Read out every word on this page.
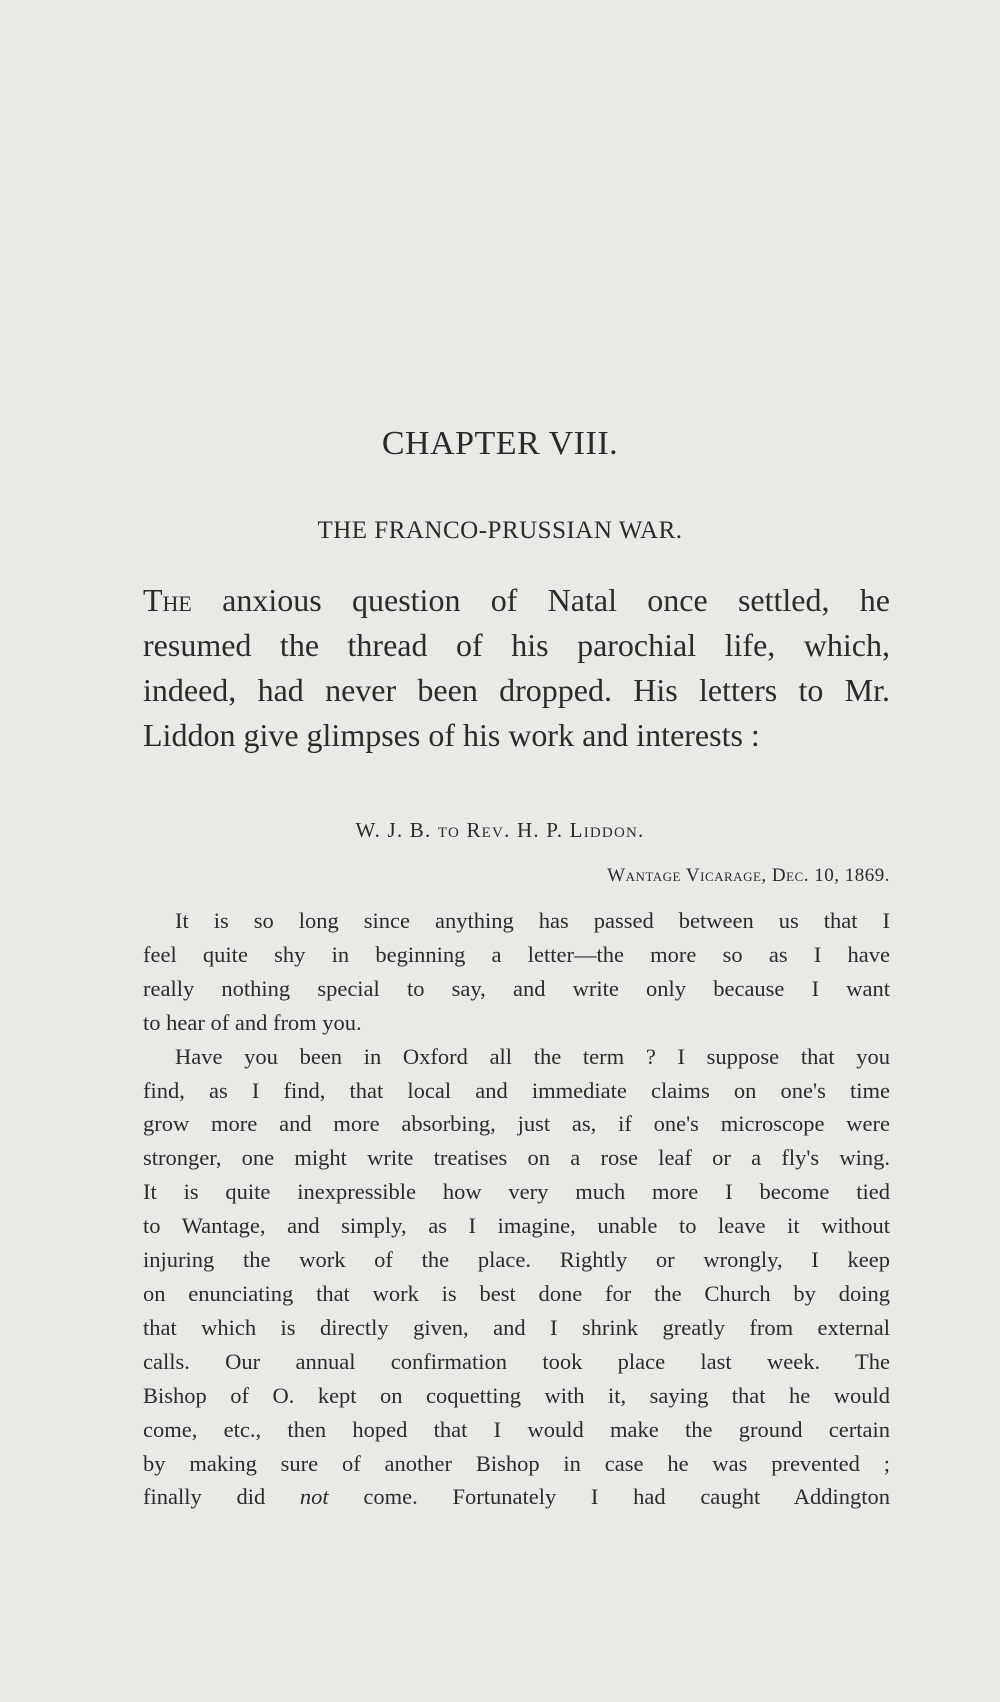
CHAPTER VIII.
THE FRANCO-PRUSSIAN WAR.
The anxious question of Natal once settled, he
resumed the thread of his parochial life, which,
indeed, had never been dropped. His letters to Mr.
Liddon give glimpses of his work and interests :
W. J. B. to Rev. H. P. Liddon.
Wantage Vicarage, Dec. 10, 1869.
It is so long since anything has passed between us that I
feel quite shy in beginning a letter—the more so as I have
really nothing special to say, and write only because I want
to hear of and from you.
Have you been in Oxford all the term ? I suppose that you
find, as I find, that local and immediate claims on one's time
grow more and more absorbing, just as, if one's microscope were
stronger, one might write treatises on a rose leaf or a fly's wing.
It is quite inexpressible how very much more I become tied
to Wantage, and simply, as I imagine, unable to leave it without
injuring the work of the place. Rightly or wrongly, I keep
on enunciating that work is best done for the Church by doing
that which is directly given, and I shrink greatly from external
calls. Our annual confirmation took place last week. The
Bishop of O. kept on coquetting with it, saying that he would
come, etc., then hoped that I would make the ground certain
by making sure of another Bishop in case he was prevented ;
finally did not come. Fortunately I had caught Addington
